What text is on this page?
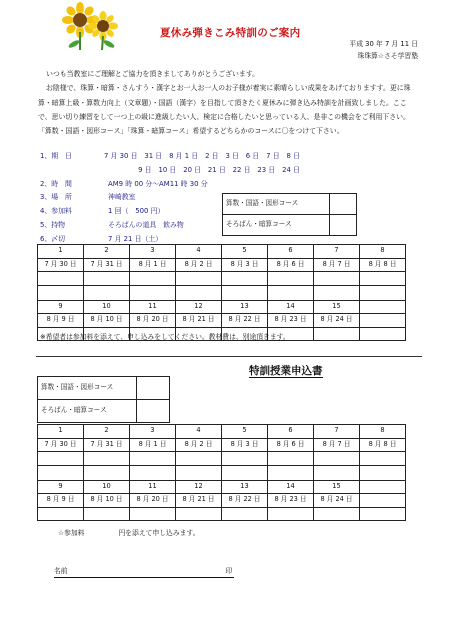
夏休み弾きこみ特訓のご案内
平成 30 年 7 月 11 日
珠珠算☆さそ学習塾

いつも当教室にご理解とご協力を頂きましてありがとうございます。

お陰様で、珠算・暗算・さんすう・漢字とお一人お一人のお子様が着実に素晴らしい成果をあげておりますす。更に珠算・暗算上級・算数力向上（文章題）・国語（漢字）を目指して頂きたく夏休みに弾き込み特訓を計画致しました。ここで、思い切り練習をして一つ上の級に進級したい人、検定に合格したいと思っている人、是非この機会をご利用下さい。「算数・国語・図形コース」「珠算・暗算コース」希望するどちらかのコースに〇をつけて下さい。

1、期　日	7 月 30 日　31 日　8 月 1 日　2 日　3 日　6 日　7 日　8 日
9 日　10 日　20 日　21 日　22 日　23 日　24 日
2、時　間	AM9 時 00 分～AM11 時 30 分
3、場　所	神崎教室
4、参加料	1 回（　500 円）
5、持物	そろばんの道具　飲み物
6、〆切	7 月 21 日（土）
算数・国語・図形コース	
そろばん・暗算コース	
1	2	3	4	5	6	7	8
7 月 30 日	7 月 31 日	8 月 1 日	8 月 2 日	8 月 3 日	8 月 6 日	8 月 7 日	8 月 8 日

9	10	11	12	13	14	15	
8 月 9 日	8 月 10 日	8 月 20 日	8 月 21 日	8 月 22 日	8 月 23 日	8 月 24 日	

※希望者は参加料を添えて、申し込みをしてください。教材費は、別途頂きます。
特訓授業申込書
算数・国語・図形コース	
そろばん・暗算コース	
1	2	3	4	5	6	7	8
7 月 30 日	7 月 31 日	8 月 1 日	8 月 2 日	8 月 3 日	8 月 6 日	8 月 7 日	8 月 8 日

9	10	11	12	13	14	15	
8 月 9 日	8 月 10 日	8 月 20 日	8 月 21 日	8 月 22 日	8 月 23 日	8 月 24 日	

☆参加料　　　　　円を添えて申し込みます。
名前	印
